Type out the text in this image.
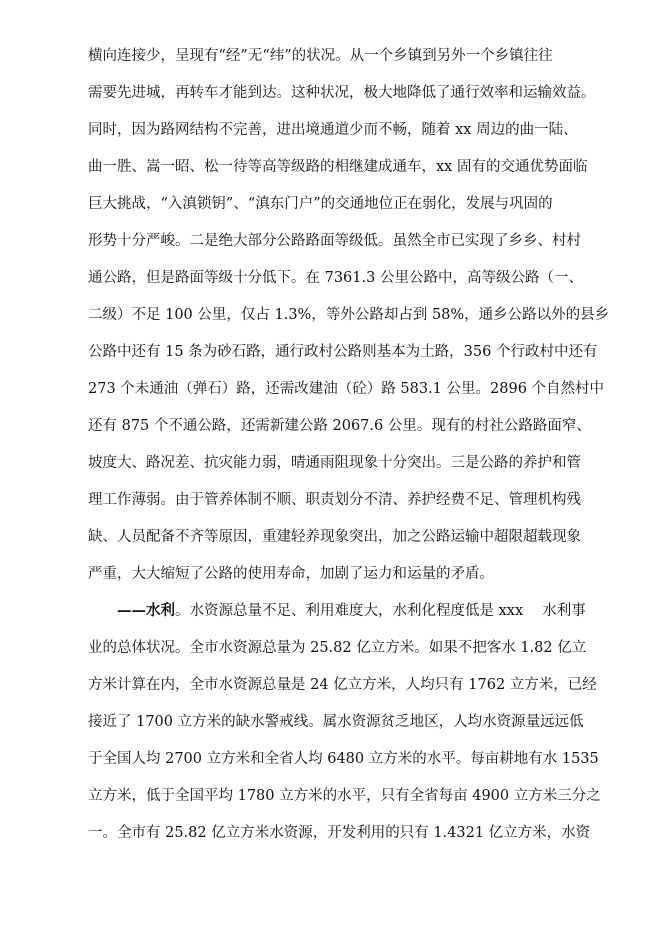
横向连接少，呈现有“经”无“纬”的状况。从一个乡镇到另外一个乡镇往往
需要先进城，再转车才能到达。这种状况，极大地降低了通行效率和运输效益。
同时，因为路网结构不完善，进出境通道少而不畅，随着 xx 周边的曲一陆、
曲一胜、嵩一昭、松一待等高等级路的相继建成通车，xx 固有的交通优势面临
巨大挑战，“入滇锁钥”、“滇东门户”的交通地位正在弱化，发展与巩固的
形势十分严峻。二是绝大部分公路路面等级低。虽然全市已实现了乡乡、村村
通公路，但是路面等级十分低下。在 7361.3 公里公路中，高等级公路（一、
二级）不足 100 公里，仅占 1.3%，等外公路却占到 58%，通乡公路以外的县乡
公路中还有 15 条为砂石路，通行政村公路则基本为土路，356 个行政村中还有
273 个未通油（弹石）路，还需改建油（砼）路 583.1 公里。2896 个自然村中
还有 875 个不通公路，还需新建公路 2067.6 公里。现有的村社公路路面窄、
坡度大、路况差、抗灾能力弱，晴通雨阻现象十分突出。三是公路的养护和管
理工作薄弱。由于管养体制不顺、职责划分不清、养护经费不足、管理机构残
缺、人员配备不齐等原因，重建轻养现象突出，加之公路运输中超限超载现象
严重，大大缩短了公路的使用寿命，加剧了运力和运量的矛盾。
——水利。水资源总量不足、利用难度大，水利化程度低是 xxx　 水利事
业的总体状况。全市水资源总量为 25.82 亿立方米。如果不把客水 1.82 亿立
方米计算在内，全市水资源总量是 24 亿立方米，人均只有 1762 立方米，已经
接近了 1700 立方米的缺水警戒线。属水资源贫乏地区，人均水资源量远远低
于全国人均 2700 立方米和全省人均 6480 立方米的水平。每亩耕地有水 1535
立方米，低于全国平均 1780 立方米的水平，只有全省每亩 4900 立方米三分之
一。全市有 25.82 亿立方米水资源，开发利用的只有 1.4321 亿立方米，水资
